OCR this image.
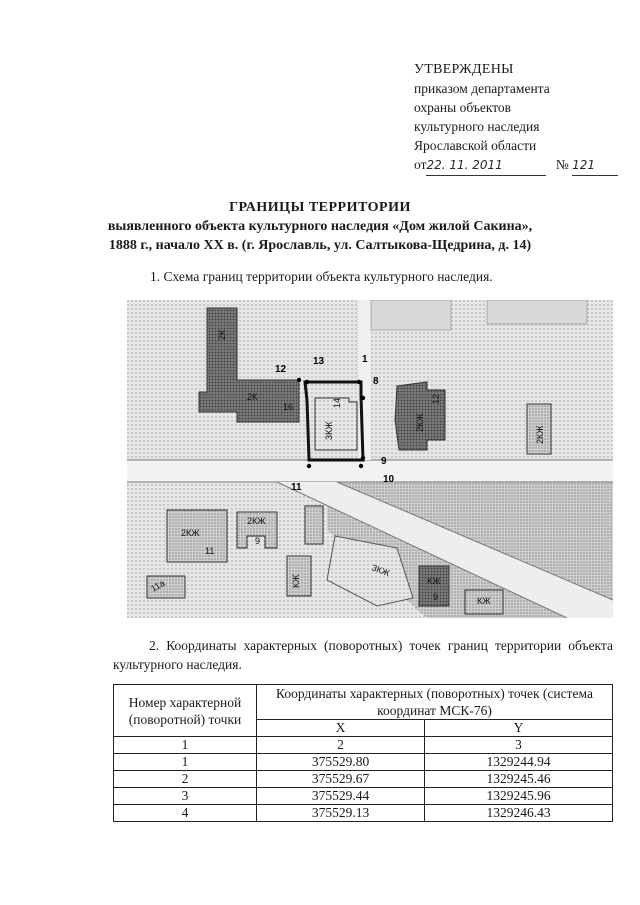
УТВЕРЖДЕНЫ
приказом департамента
охраны объектов
культурного наследия
Ярославской области
от22. 11. 2011	№ 121
ГРАНИЦЫ ТЕРРИТОРИИ
выявленного объекта культурного наследия «Дом жилой Сакина»,
1888 г., начало XX в. (г. Ярославль, ул. Салтыкова-Щедрина, д. 14)
1. Схема границ территории объекта культурного наследия.
2К
16
3КЖ
14
2КЖ
12
2КЖ
2КЖ
11
2КЖ
9
3КЖ
КЖ
9	КЖ
КЖ
11а
2К
1
8
9
10
11
12
13
2. Координаты характерных (поворотных) точек границ территории объекта культурного наследия.
Номер характерной (поворотной) точки	Координаты характерных (поворотных) точек (система координат МСК-76)	
	X	Y
1	2	3
1	375529.80	1329244.94
2	375529.67	1329245.46
3	375529.44	1329245.96
4	375529.13	1329246.43
